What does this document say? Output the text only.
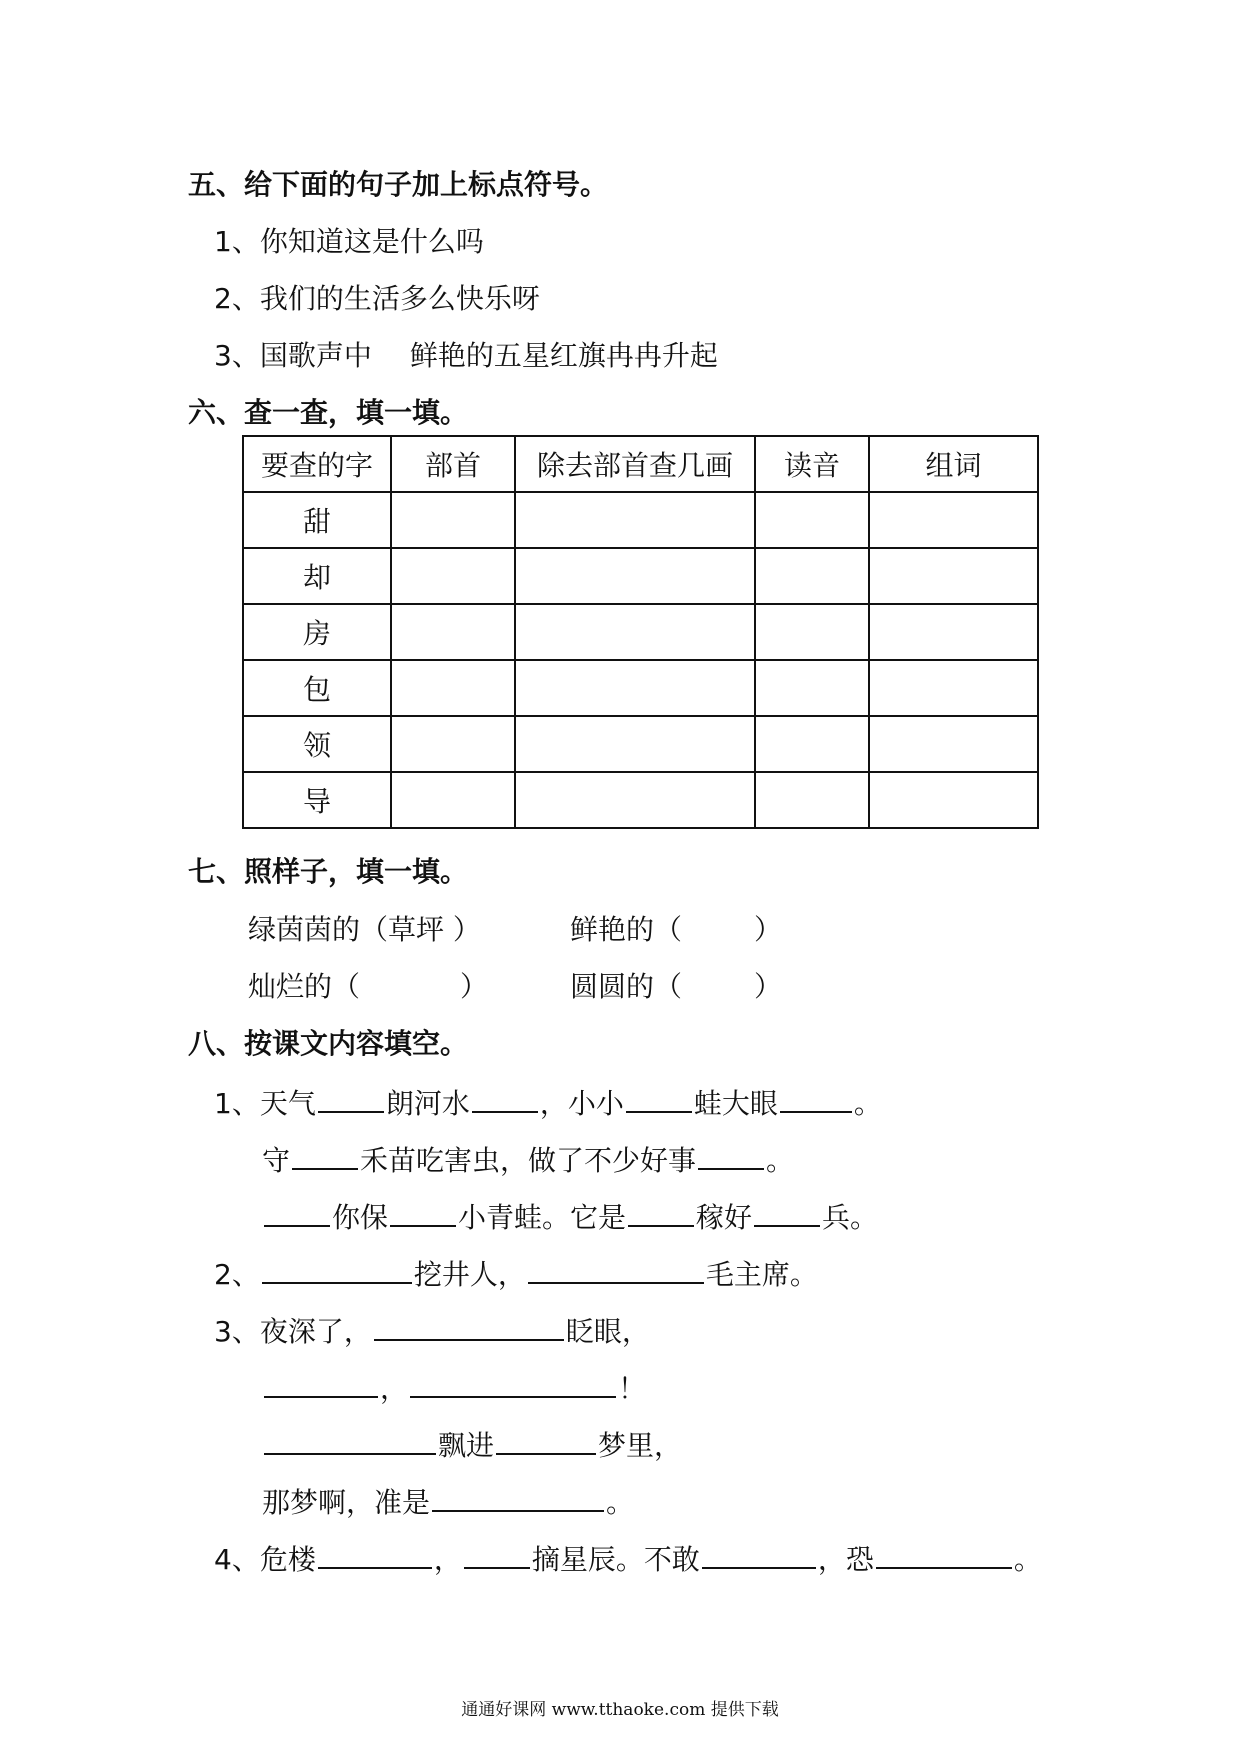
五、给下面的句子加上标点符号。
1、你知道这是什么吗
2、我们的生活多么快乐呀
3、国歌声中 鲜艳的五星红旗冉冉升起
六、查一查，填一填。
要查的字	部首	除去部首查几画	读音	组词
甜				
却				
房				
包				
领				
导				
七、照样子，填一填。
绿茵茵的（草坪 ）	鲜艳的（	）
灿烂的（	）	圆圆的（	）
八、按课文内容填空。
1、天气	朗河水	，小小	蛙大眼	。
守	禾苗吃害虫，做了不少好事	。
你保	小青蛙。它是	稼好	兵。
2、	挖井人，	毛主席。
3、夜深了，	眨眼，
，	！
飘进	梦里，
那梦啊，准是	。
4、危楼	，	摘星辰。不敢	，恐	。
通通好课网 www.tthaoke.com 提供下载
